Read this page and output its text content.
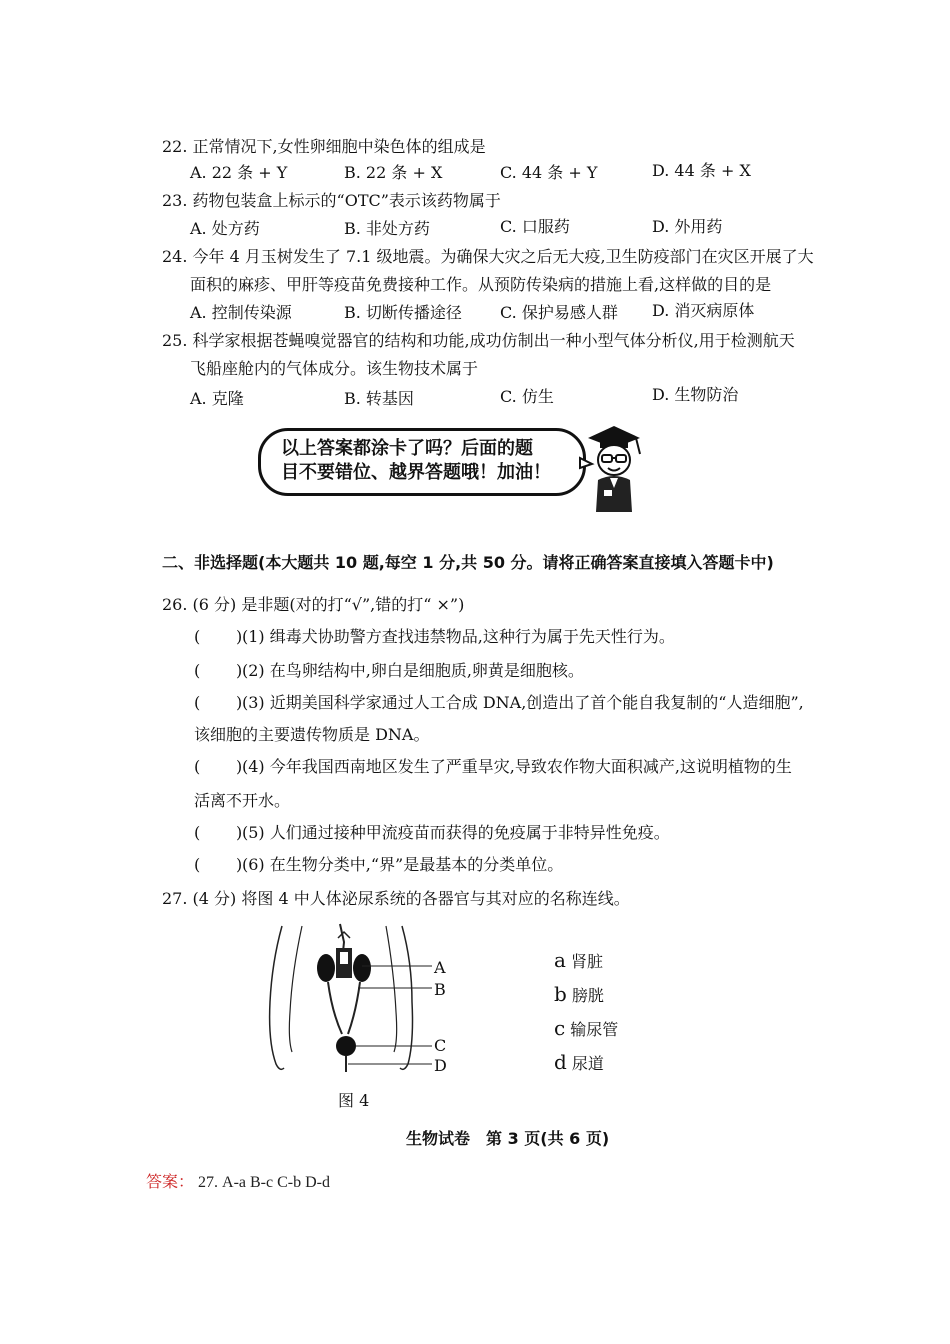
22. 正常情况下,女性卵细胞中染色体的组成是
A. 22 条 + Y	B. 22 条 + X	C. 44 条 + Y	D. 44 条 + X
23. 药物包装盒上标示的“OTC”表示该药物属于
A. 处方药	B. 非处方药	C. 口服药	D. 外用药
24. 今年 4 月玉树发生了 7.1 级地震。为确保大灾之后无大疫,卫生防疫部门在灾区开展了大
面积的麻疹、甲肝等疫苗免费接种工作。从预防传染病的措施上看,这样做的目的是
A. 控制传染源	B. 切断传播途径 C. 保护易感人群 D. 消灭病原体
25. 科学家根据苍蝇嗅觉器官的结构和功能,成功仿制出一种小型气体分析仪,用于检测航天
飞船座舱内的气体成分。该生物技术属于
A. 克隆	B. 转基因	C. 仿生	D. 生物防治
以上答案都涂卡了吗？后面的题
目不要错位、越界答题哦！加油！
二、非选择题(本大题共 10 题,每空 1 分,共 50 分。请将正确答案直接填入答题卡中)
26. (6 分) 是非题(对的打“√”,错的打“ ×”)
( ) (1) 缉毒犬协助警方查找违禁物品,这种行为属于先天性行为。
( ) (2) 在鸟卵结构中,卵白是细胞质,卵黄是细胞核。
( ) (3) 近期美国科学家通过人工合成 DNA,创造出了首个能自我复制的“人造细胞”,
该细胞的主要遗传物质是 DNA。
( ) (4) 今年我国西南地区发生了严重旱灾,导致农作物大面积减产,这说明植物的生
活离不开水。
( ) (5) 人们通过接种甲流疫苗而获得的免疫属于非特异性免疫。
( ) (6) 在生物分类中,“界”是最基本的分类单位。
27. (4 分) 将图 4 中人体泌尿系统的各器官与其对应的名称连线。
A
B
C
D
图 4
a 肾脏
b 膀胱
c 输尿管
d 尿道
生物试卷　第 3 页(共 6 页)
答案： 27. A-a B-c C-b D-d
